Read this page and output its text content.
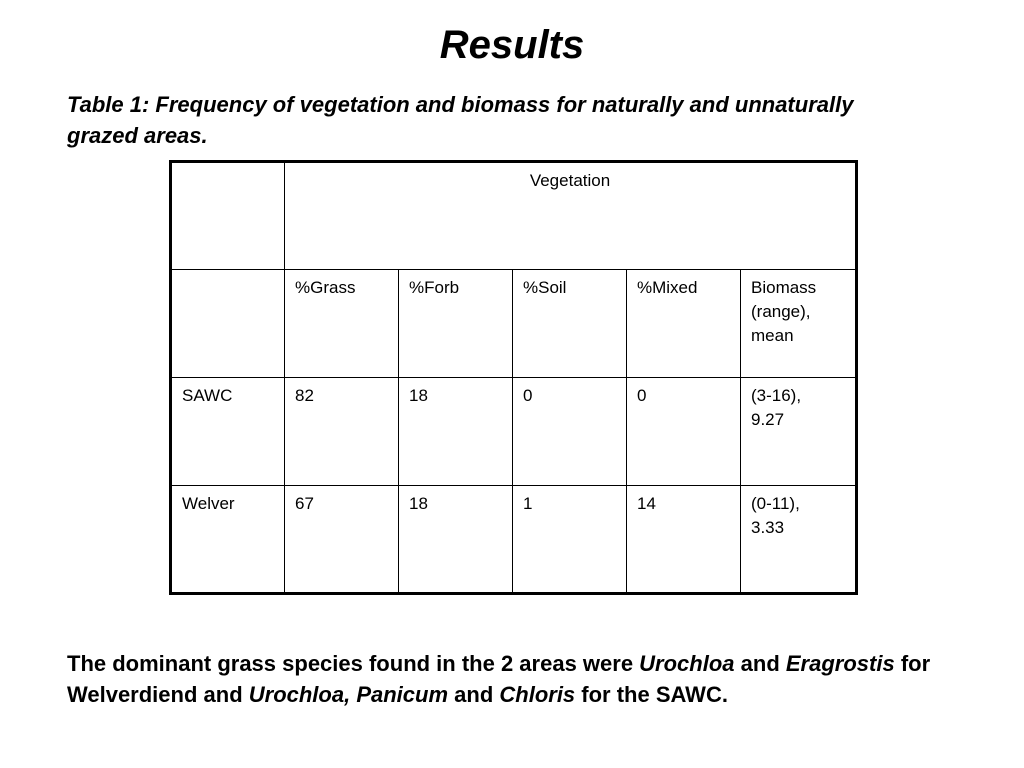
Results
Table 1: Frequency of vegetation and biomass for naturally and unnaturally grazed areas.
	Vegetation				
	%Grass	%Forb	%Soil	%Mixed	Biomass (range), mean
SAWC	82	18	0	0	(3-16),
9.27
Welver	67	18	1	14	(0-11),
3.33
The dominant grass species found in the 2 areas were Urochloa and Eragrostis for Welverdiend and Urochloa, Panicum and Chloris for the SAWC.
